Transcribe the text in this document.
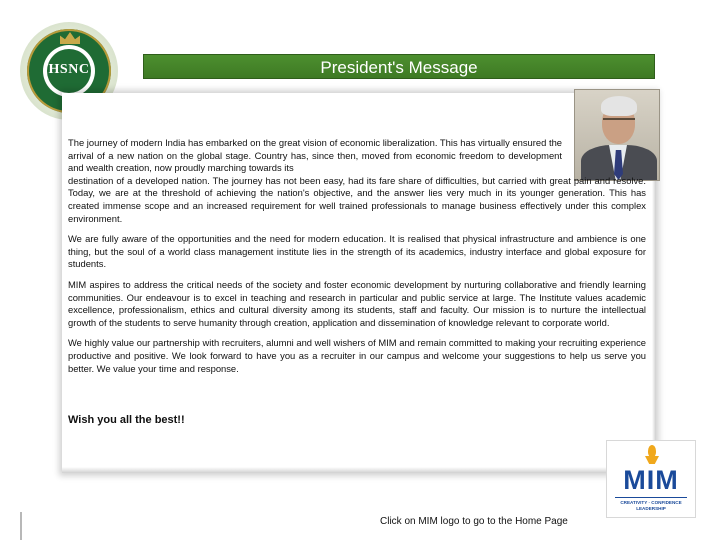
HSNC	President's Message

The journey of modern India has embarked on the great vision of economic liberalization. This has virtually ensured the arrival of a new nation on the global stage. Country has, since then, moved from economic freedom to development and wealth creation, now proudly marching towards its

destination of a developed nation. The journey has not been easy, had its fare share of difficulties, but carried with great pain and resolve. Today, we are at the threshold of achieving the nation's objective, and the answer lies very much in its younger generation. This has created immense scope and an increased requirement for well trained professionals to manage business effectively under this complex environment.

We are fully aware of the opportunities and the need for modern education. It is realised that physical infrastructure and ambience is one thing, but the soul of a world class management institute lies in the strength of its academics, industry interface and global exposure for students.

MIM aspires to address the critical needs of the society and foster economic development by nurturing collaborative and friendly learning communities. Our endeavour is to excel in teaching and research in particular and public service at large. The Institute values academic excellence, professionalism, ethics and cultural diversity among its students, staff and faculty. Our mission is to nurture the intellectual growth of the students to serve humanity through creation, application and dissemination of knowledge relevant to corporate world.

We highly value our partnership with recruiters, alumni and well wishers of MIM and remain committed to making your recruiting experience productive and positive. We look forward to have you as a recruiter in our campus and welcome your suggestions to help us serve you better. We value your time and response.

Wish you all the best!!
MIM
CREATIVITY · CONFIDENCE
LEADERSHIP
Click on MIM logo to go to the Home Page
